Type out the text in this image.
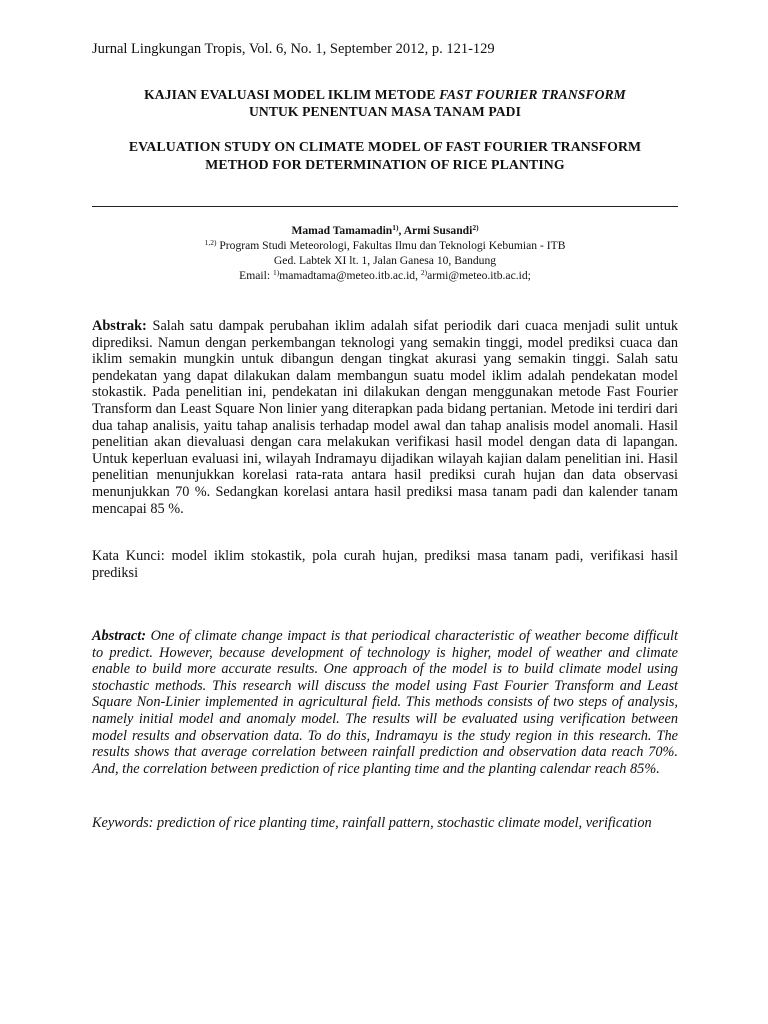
Jurnal Lingkungan Tropis, Vol. 6, No. 1, September 2012, p. 121-129
KAJIAN EVALUASI MODEL IKLIM METODE FAST FOURIER TRANSFORM
UNTUK PENENTUAN MASA TANAM PADI
EVALUATION STUDY ON CLIMATE MODEL OF FAST FOURIER TRANSFORM
METHOD FOR DETERMINATION OF RICE PLANTING
Mamad Tamamadin$^{1)}$, Armi Susandi$^{2)}$
$^{1,2)}$ Program Studi Meteorologi, Fakultas Ilmu dan Teknologi Kebumian - ITB
Ged. Labtek XI lt. 1, Jalan Ganesa 10, Bandung
Email: $^{1)}$mamadtama@meteo.itb.ac.id, $^{2)}$armi@meteo.itb.ac.id;
Abstrak: Salah satu dampak perubahan iklim adalah sifat periodik dari cuaca menjadi sulit untuk diprediksi. Namun dengan perkembangan teknologi yang semakin tinggi, model prediksi cuaca dan iklim semakin mungkin untuk dibangun dengan tingkat akurasi yang semakin tinggi. Salah satu pendekatan yang dapat dilakukan dalam membangun suatu model iklim adalah pendekatan model stokastik. Pada penelitian ini, pendekatan ini dilakukan dengan menggunakan metode Fast Fourier Transform dan Least Square Non linier yang diterapkan pada bidang pertanian. Metode ini terdiri dari dua tahap analisis, yaitu tahap analisis terhadap model awal dan tahap analisis model anomali. Hasil penelitian akan dievaluasi dengan cara melakukan verifikasi hasil model dengan data di lapangan. Untuk keperluan evaluasi ini, wilayah Indramayu dijadikan wilayah kajian dalam penelitian ini. Hasil penelitian menunjukkan korelasi rata-rata antara hasil prediksi curah hujan dan data observasi menunjukkan 70 %. Sedangkan korelasi antara hasil prediksi masa tanam padi dan kalender tanam mencapai 85 %.
Kata Kunci: model iklim stokastik, pola curah hujan, prediksi masa tanam padi, verifikasi hasil prediksi
Abstract: One of climate change impact is that periodical characteristic of weather become difficult to predict. However, because development of technology is higher, model of weather and climate enable to build more accurate results. One approach of the model is to build climate model using stochastic methods. This research will discuss the model using Fast Fourier Transform and Least Square Non-Linier implemented in agricultural field. This methods consists of two steps of analysis, namely initial model and anomaly model. The results will be evaluated using verification between model results and observation data. To do this, Indramayu is the study region in this research. The results shows that average correlation between rainfall prediction and observation data reach 70%. And, the correlation between prediction of rice planting time and the planting calendar reach 85%.
Keywords: prediction of rice planting time, rainfall pattern, stochastic climate model, verification
